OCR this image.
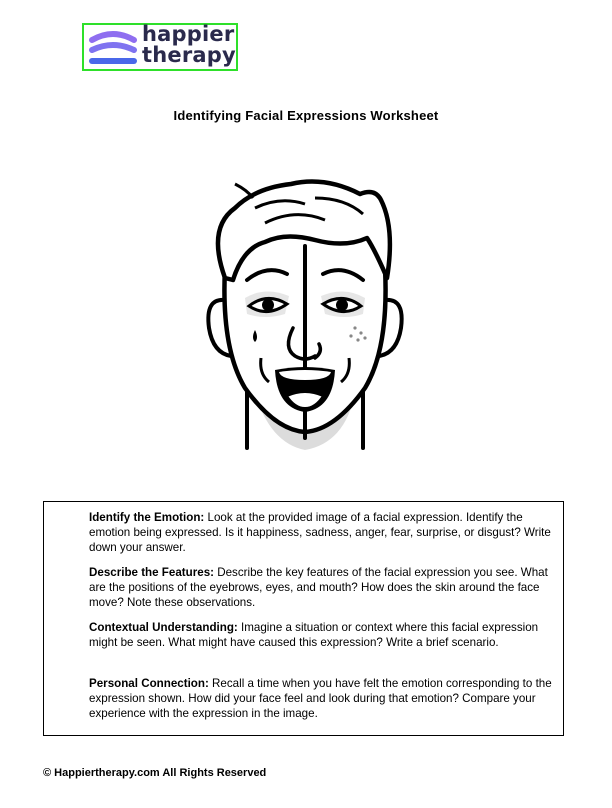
happier
therapy
Identifying Facial Expressions Worksheet
Identify the Emotion: Look at the provided image of a facial expression. Identify the emotion being expressed. Is it happiness, sadness, anger, fear, surprise, or disgust? Write down your answer.
Describe the Features: Describe the key features of the facial expression you see. What are the positions of the eyebrows, eyes, and mouth? How does the skin around the face move? Note these observations.
Contextual Understanding: Imagine a situation or context where this facial expression might be seen. What might have caused this expression? Write a brief scenario.
Personal Connection: Recall a time when you have felt the emotion corresponding to the expression shown. How did your face feel and look during that emotion? Compare your experience with the expression in the image.
© Happiertherapy.com All Rights Reserved
